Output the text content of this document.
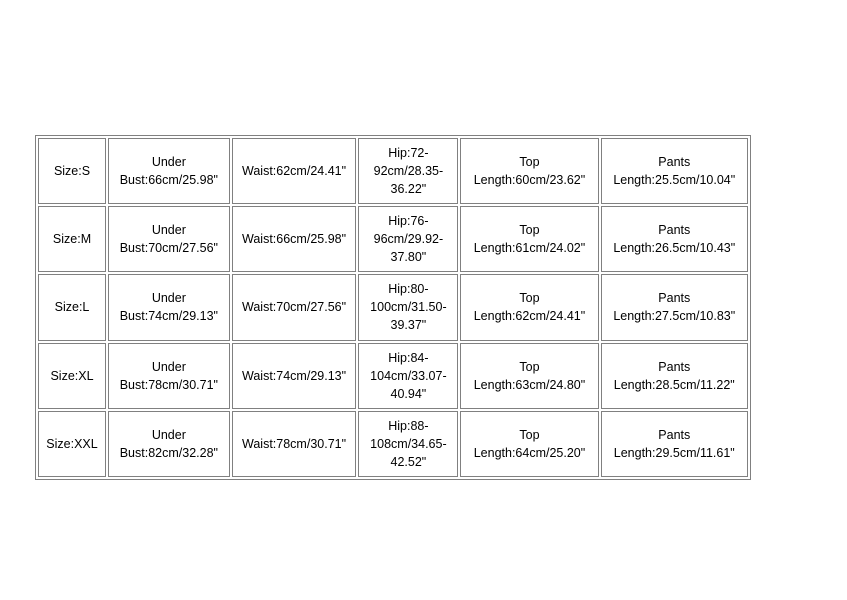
Size:S	Under
Bust:66cm/25.98"	Waist:62cm/24.41"	Hip:72-
92cm/28.35-
36.22"	Top
Length:60cm/23.62"	Pants
Length:25.5cm/10.04"

Size:M	Under
Bust:70cm/27.56"	Waist:66cm/25.98"	Hip:76-
96cm/29.92-
37.80"	Top
Length:61cm/24.02"	Pants
Length:26.5cm/10.43"

Size:L	Under
Bust:74cm/29.13"	Waist:70cm/27.56"	Hip:80-
100cm/31.50-
39.37"	Top
Length:62cm/24.41"	Pants
Length:27.5cm/10.83"

Size:XL	Under
Bust:78cm/30.71"	Waist:74cm/29.13"	Hip:84-
104cm/33.07-
40.94"	Top
Length:63cm/24.80"	Pants
Length:28.5cm/11.22"

Size:XXL	Under
Bust:82cm/32.28"	Waist:78cm/30.71"	Hip:88-
108cm/34.65-
42.52"	Top
Length:64cm/25.20"	Pants
Length:29.5cm/11.61"
